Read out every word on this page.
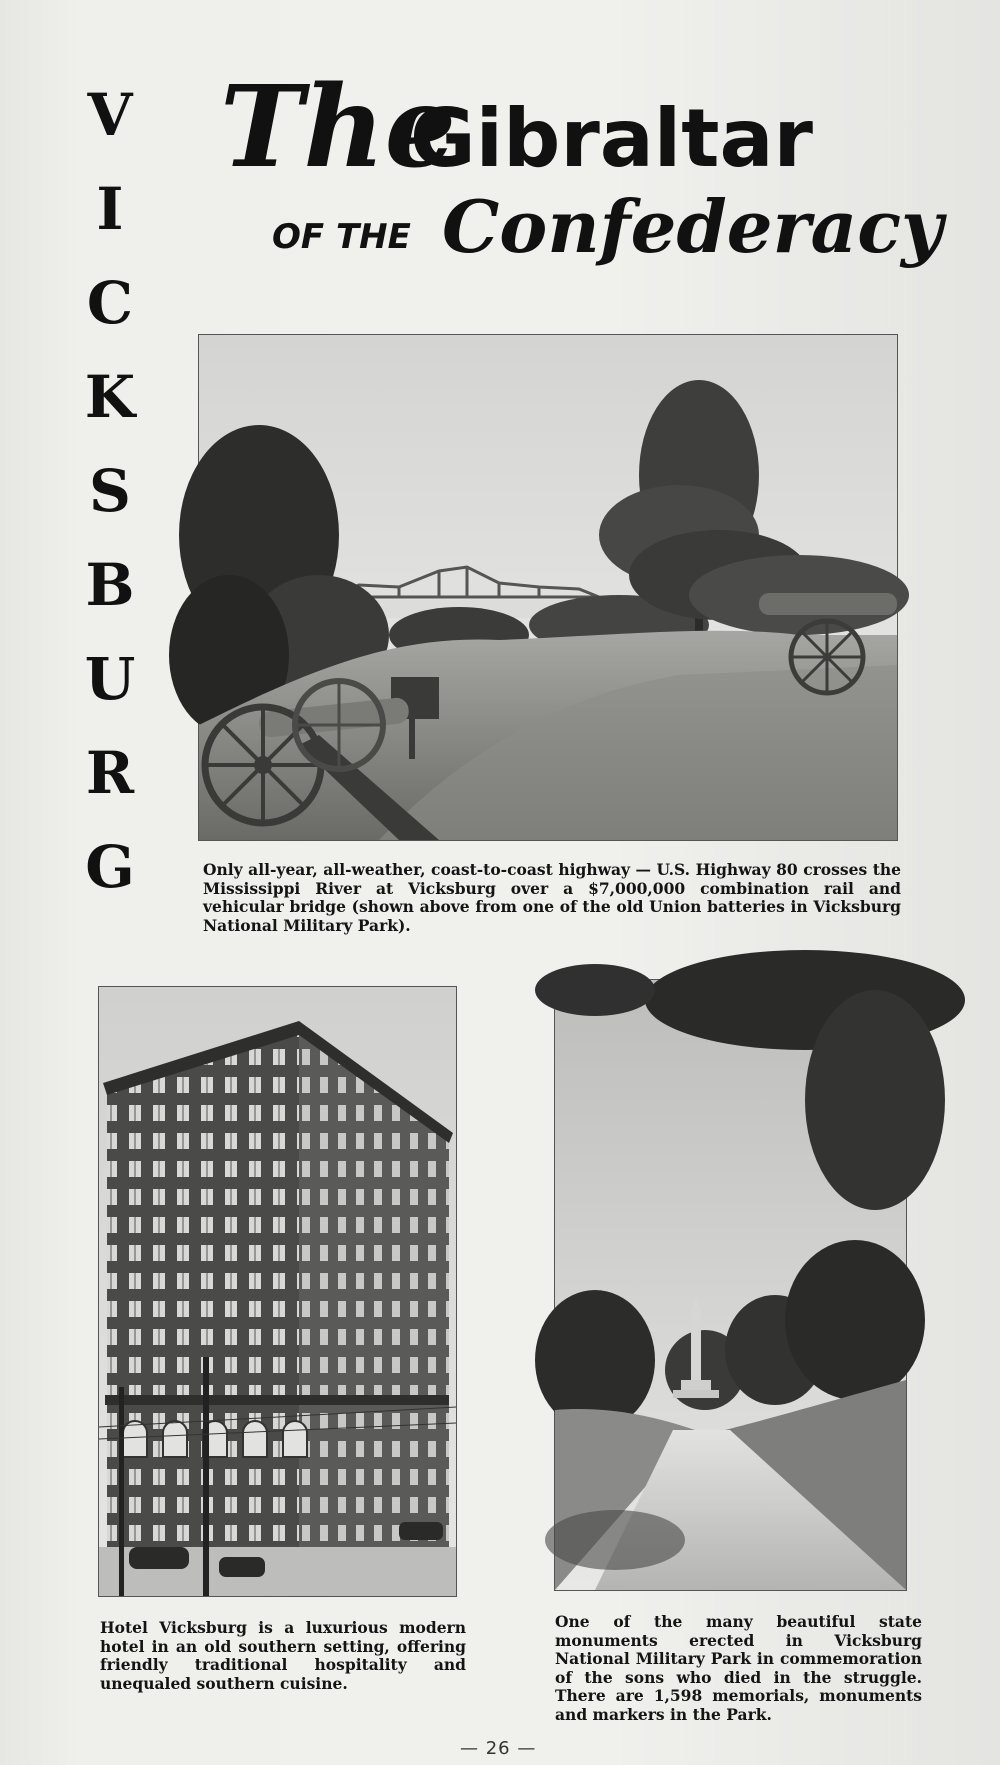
V
I
C
K
S
B
U
R
G
The
Gibraltar
OF THE Confederacy
Only all-year, all-weather, coast-to-coast highway — U.S. Highway 80 crosses the Mississippi River at Vicksburg over a $7,000,000 combination rail and vehicular bridge (shown above from one of the old Union batteries in Vicksburg National Military Park).
Hotel Vicksburg is a luxurious modern hotel in an old southern setting, offering friendly traditional hospitality and unequaled southern cuisine.
One of the many beautiful state monuments erected in Vicksburg National Military Park in commemoration of the sons who died in the struggle. There are 1,598 memorials, monuments and markers in the Park.
— 26 —
